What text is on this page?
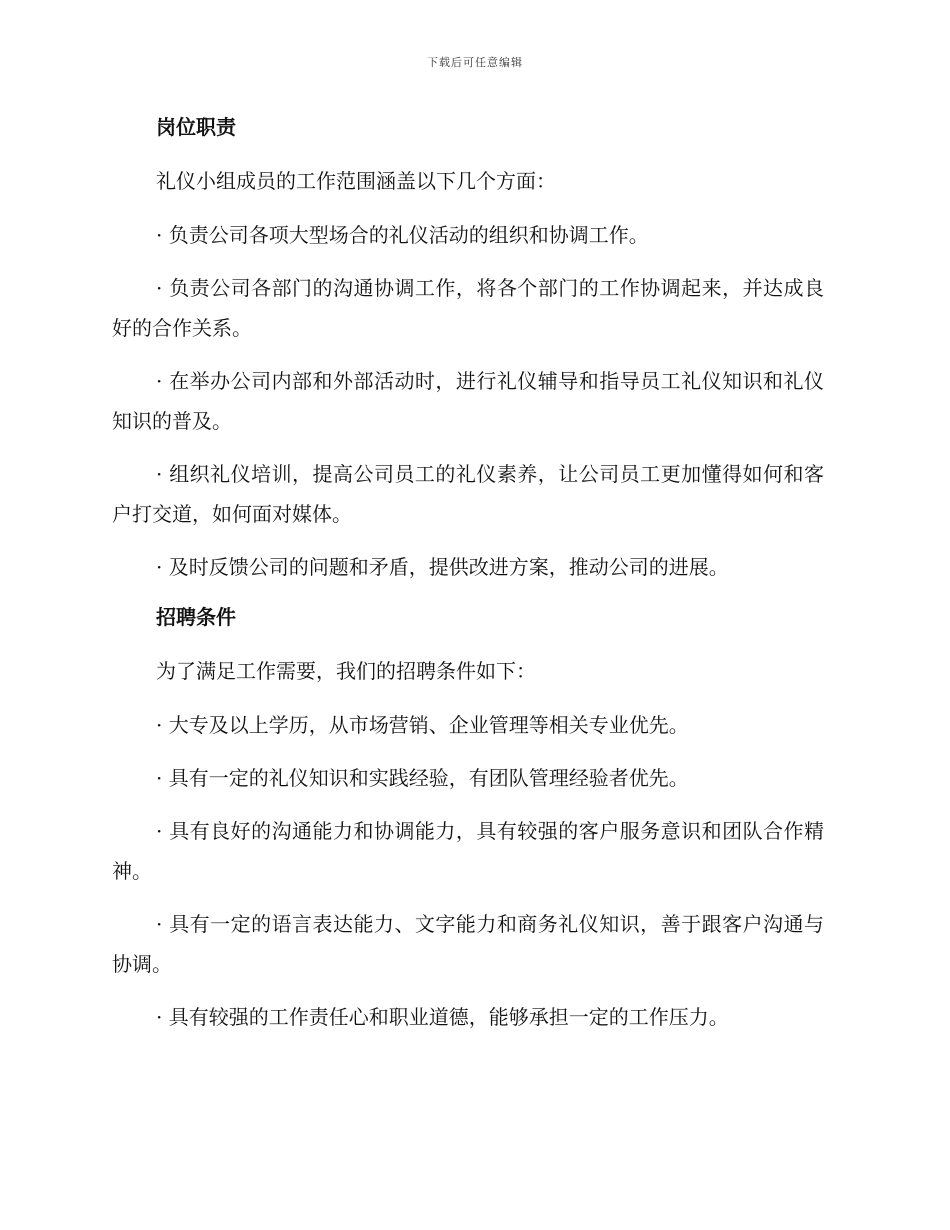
下载后可任意编辑
岗位职责

礼仪小组成员的工作范围涵盖以下几个方面：

· 负责公司各项大型场合的礼仪活动的组织和协调工作。

· 负责公司各部门的沟通协调工作，将各个部门的工作协调起来，并达成良好的合作关系。

· 在举办公司内部和外部活动时，进行礼仪辅导和指导员工礼仪知识和礼仪知识的普及。

· 组织礼仪培训，提高公司员工的礼仪素养，让公司员工更加懂得如何和客户打交道，如何面对媒体。

· 及时反馈公司的问题和矛盾，提供改进方案，推动公司的进展。

招聘条件

为了满足工作需要，我们的招聘条件如下：

· 大专及以上学历，从市场营销、企业管理等相关专业优先。

· 具有一定的礼仪知识和实践经验，有团队管理经验者优先。

· 具有良好的沟通能力和协调能力，具有较强的客户服务意识和团队合作精神。

· 具有一定的语言表达能力、文字能力和商务礼仪知识，善于跟客户沟通与协调。

· 具有较强的工作责任心和职业道德，能够承担一定的工作压力。
